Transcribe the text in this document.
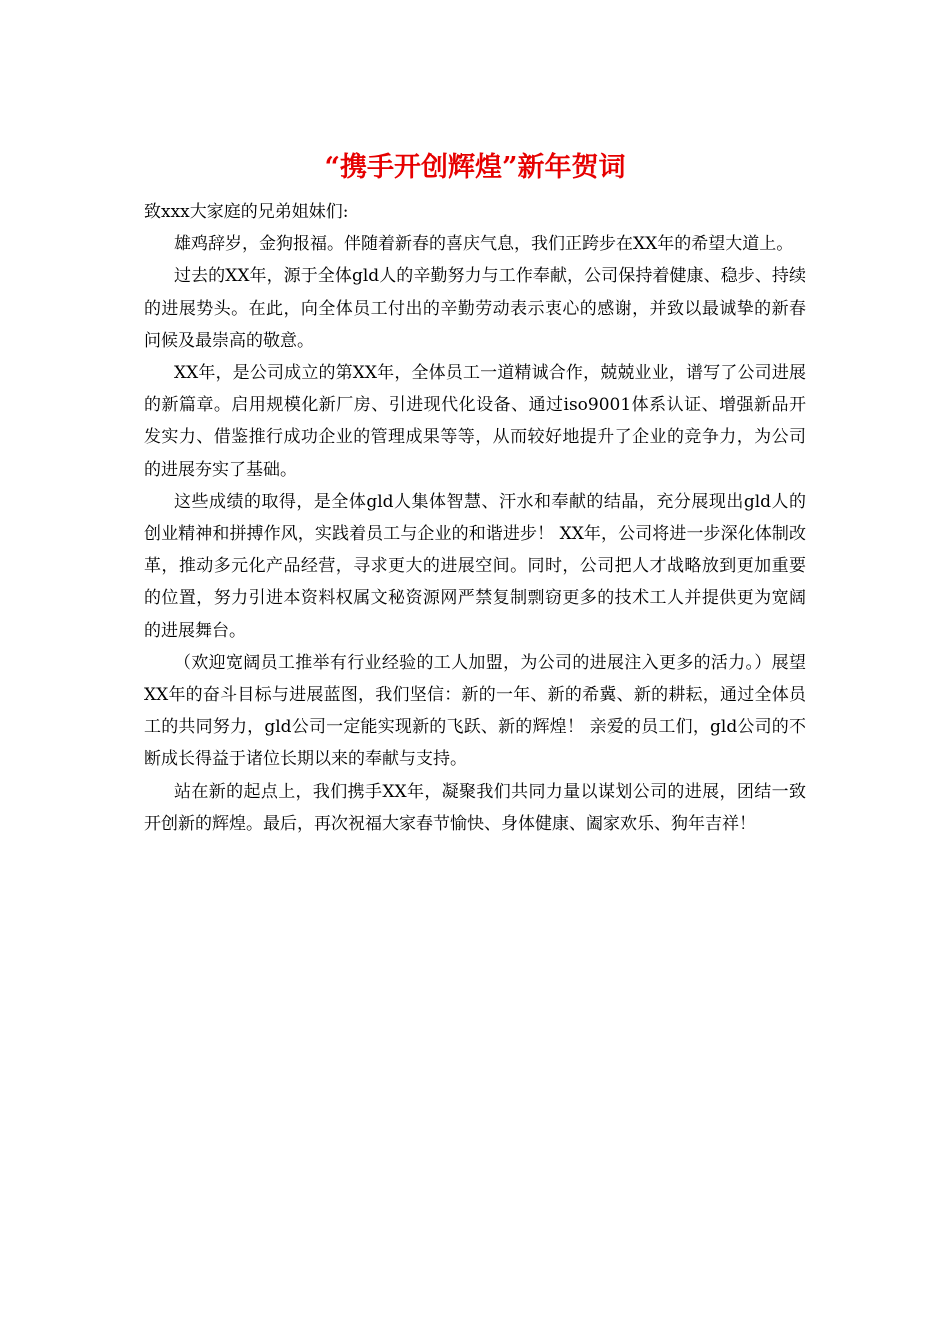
“携手开创辉煌”新年贺词

致xxx大家庭的兄弟姐妹们:

雄鸡辞岁，金狗报福。伴随着新春的喜庆气息，我们正跨步在XX年的希望大道上。

过去的XX年，源于全体gld人的辛勤努力与工作奉献，公司保持着健康、稳步、持续的进展势头。在此，向全体员工付出的辛勤劳动表示衷心的感谢，并致以最诚挚的新春问候及最崇高的敬意。

XX年，是公司成立的第XX年，全体员工一道精诚合作，兢兢业业，谱写了公司进展的新篇章。启用规模化新厂房、引进现代化设备、通过iso9001体系认证、增强新品开发实力、借鉴推行成功企业的管理成果等等，从而较好地提升了企业的竞争力，为公司的进展夯实了基础。

这些成绩的取得，是全体gld人集体智慧、汗水和奉献的结晶，充分展现出gld人的创业精神和拼搏作风，实践着员工与企业的和谐进步！ XX年，公司将进一步深化体制改革，推动多元化产品经营，寻求更大的进展空间。同时，公司把人才战略放到更加重要的位置，努力引进本资料权属文秘资源网严禁复制剽窃更多的技术工人并提供更为宽阔的进展舞台。

（欢迎宽阔员工推举有行业经验的工人加盟，为公司的进展注入更多的活力。）展望XX年的奋斗目标与进展蓝图，我们坚信：新的一年、新的希冀、新的耕耘，通过全体员工的共同努力，gld公司一定能实现新的飞跃、新的辉煌！ 亲爱的员工们，gld公司的不断成长得益于诸位长期以来的奉献与支持。

站在新的起点上，我们携手XX年，凝聚我们共同力量以谋划公司的进展，团结一致开创新的辉煌。最后，再次祝福大家春节愉快、身体健康、阖家欢乐、狗年吉祥！
